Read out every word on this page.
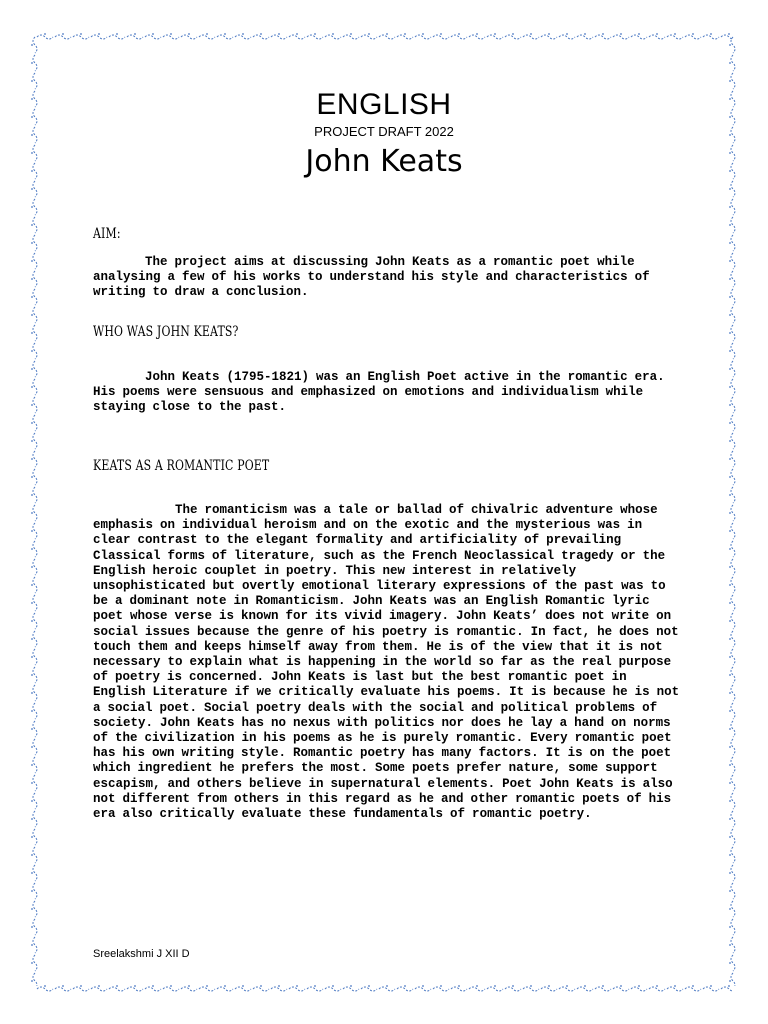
ENGLISH
PROJECT DRAFT 2022
John Keats
AIM:

The project aims at discussing John Keats as a romantic poet while analysing a few of his works to understand his style and characteristics of writing to draw a conclusion.

WHO WAS JOHN KEATS?

John Keats (1795-1821) was an English Poet active in the romantic era. His poems were sensuous and emphasized on emotions and individualism while staying close to the past.

KEATS AS A ROMANTIC POET

The romanticism was a tale or ballad of chivalric adventure whose emphasis on individual heroism and on the exotic and the mysterious was in clear contrast to the elegant formality and artificiality of prevailing Classical forms of literature, such as the French Neoclassical tragedy or the English heroic couplet in poetry. This new interest in relatively unsophisticated but overtly emotional literary expressions of the past was to be a dominant note in Romanticism. John Keats was an English Romantic lyric poet whose verse is known for its vivid imagery. John Keats’ does not write on social issues because the genre of his poetry is romantic. In fact, he does not touch them and keeps himself away from them. He is of the view that it is not necessary to explain what is happening in the world so far as the real purpose of poetry is concerned. John Keats is last but the best romantic poet in English Literature if we critically evaluate his poems. It is because he is not a social poet. Social poetry deals with the social and political problems of society. John Keats has no nexus with politics nor does he lay a hand on norms of the civilization in his poems as he is purely romantic. Every romantic poet has his own writing style. Romantic poetry has many factors. It is on the poet which ingredient he prefers the most. Some poets prefer nature, some support escapism, and others believe in supernatural elements. Poet John Keats is also not different from others in this regard as he and other romantic poets of his era also critically evaluate these fundamentals of romantic poetry.

Sreelakshmi J XII D
